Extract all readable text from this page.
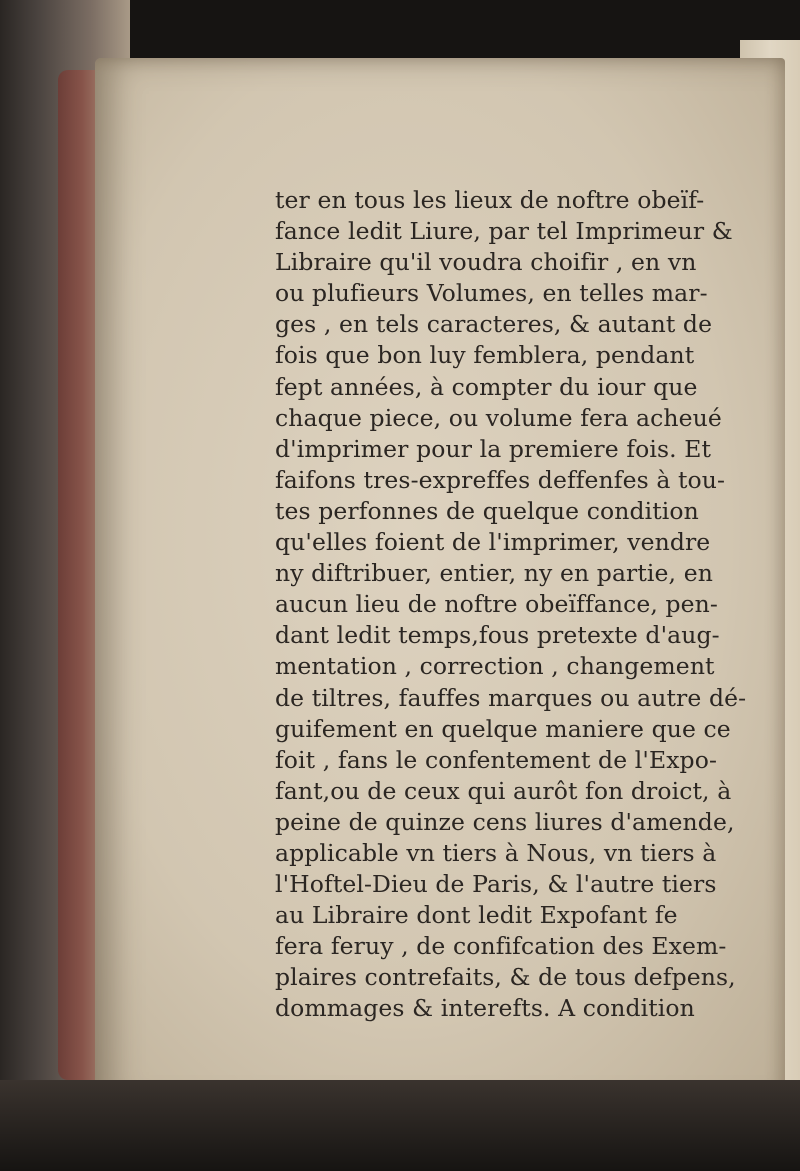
ter en tous les lieux de noftre obeïf-
fance ledit Liure, par tel Imprimeur &
Libraire qu'il voudra choifir , en vn
ou plufieurs Volumes, en telles mar-
ges , en tels caracteres, & autant de
fois que bon luy femblera, pendant
fept années, à compter du iour que
chaque piece, ou volume fera acheué
d'imprimer pour la premiere fois. Et
faifons tres-expreffes deffenfes à tou-
tes perfonnes de quelque condition
qu'elles foient de l'imprimer, vendre
ny diftribuer, entier, ny en partie, en
aucun lieu de noftre obeïffance, pen-
dant ledit temps,fous pretexte d'aug-
mentation , correction , changement
de tiltres, fauffes marques ou autre dé-
guifement en quelque maniere que ce
foit , fans le confentement de l'Expo-
fant,ou de ceux qui aurôt fon droict, à
peine de quinze cens liures d'amende,
applicable vn tiers à Nous, vn tiers à
l'Hoftel-Dieu de Paris, & l'autre tiers
au Libraire dont ledit Expofant fe
fera feruy , de confifcation des Exem-
plaires contrefaits, & de tous defpens,
dommages & interefts. A condition
